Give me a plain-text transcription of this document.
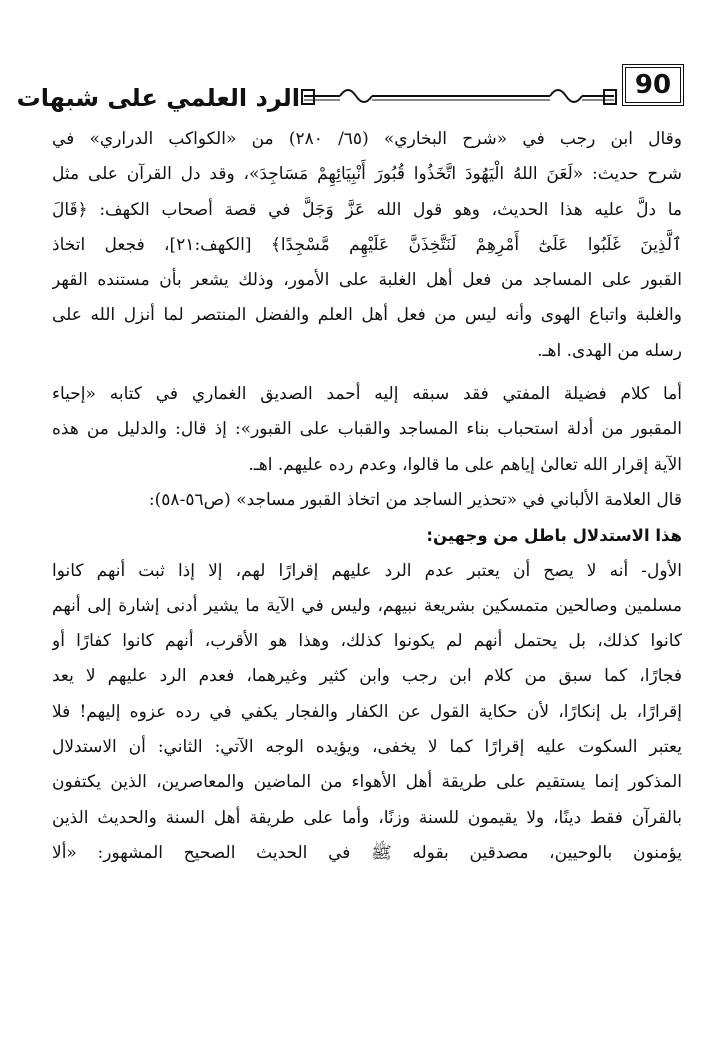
90
الرد العلمي على شبهات
وقال ابن رجب في «شرح البخاري» (٦٥/ ٢٨٠) من «الكواكب الدراري» في
شرح حديث: «لَعَنَ اللهُ الْيَهُودَ اتَّخَذُوا قُبُورَ أَنْبِيَائِهِمْ مَسَاجِدَ»، وقد دل القرآن على مثل
ما دلَّ عليه هذا الحديث، وهو قول الله عَزَّ وَجَلَّ في قصة أصحاب الكهف: ﴿قَالَ
ٱلَّذِينَ غَلَبُوا عَلَىٰٓ أَمْرِهِمْ لَنَتَّخِذَنَّ عَلَيْهِم مَّسْجِدًا﴾ [الكهف:٢١]، فجعل اتخاذ
القبور على المساجد من فعل أهل الغلبة على الأمور، وذلك يشعر بأن مستنده القهر
والغلبة واتباع الهوى وأنه ليس من فعل أهل العلم والفضل المنتصر لما أنزل الله على
رسله من الهدى. اهـ.
أما كلام فضيلة المفتي فقد سبقه إليه أحمد الصديق الغماري في كتابه «إحياء
المقبور من أدلة استحباب بناء المساجد والقباب على القبور»: إذ قال: والدليل من هذه
الآية إقرار الله تعالىٰ إياهم على ما قالوا، وعدم رده عليهم. اهـ.
قال العلامة الألباني في «تحذير الساجد من اتخاذ القبور مساجد» (ص٥٦-٥٨):
هذا الاستدلال باطل من وجهين:
الأول- أنه لا يصح أن يعتبر عدم الرد عليهم إقرارًا لهم، إلا إذا ثبت أنهم كانوا
مسلمين وصالحين متمسكين بشريعة نبيهم، وليس في الآية ما يشير أدنى إشارة إلى أنهم
كانوا كذلك، بل يحتمل أنهم لم يكونوا كذلك، وهذا هو الأقرب، أنهم كانوا كفارًا أو
فجارًا، كما سبق من كلام ابن رجب وابن كثير وغيرهما، فعدم الرد عليهم لا يعد
إقرارًا، بل إنكارًا، لأن حكاية القول عن الكفار والفجار يكفي في رده عزوه إليهم! فلا
يعتبر السكوت عليه إقرارًا كما لا يخفى، ويؤيده الوجه الآتي: الثاني: أن الاستدلال
المذكور إنما يستقيم على طريقة أهل الأهواء من الماضين والمعاصرين، الذين يكتفون
بالقرآن فقط دينًا، ولا يقيمون للسنة وزنًا، وأما على طريقة أهل السنة والحديث الذين
يؤمنون بالوحيين، مصدقين بقوله ﷺ في الحديث الصحيح المشهور: «ألا
